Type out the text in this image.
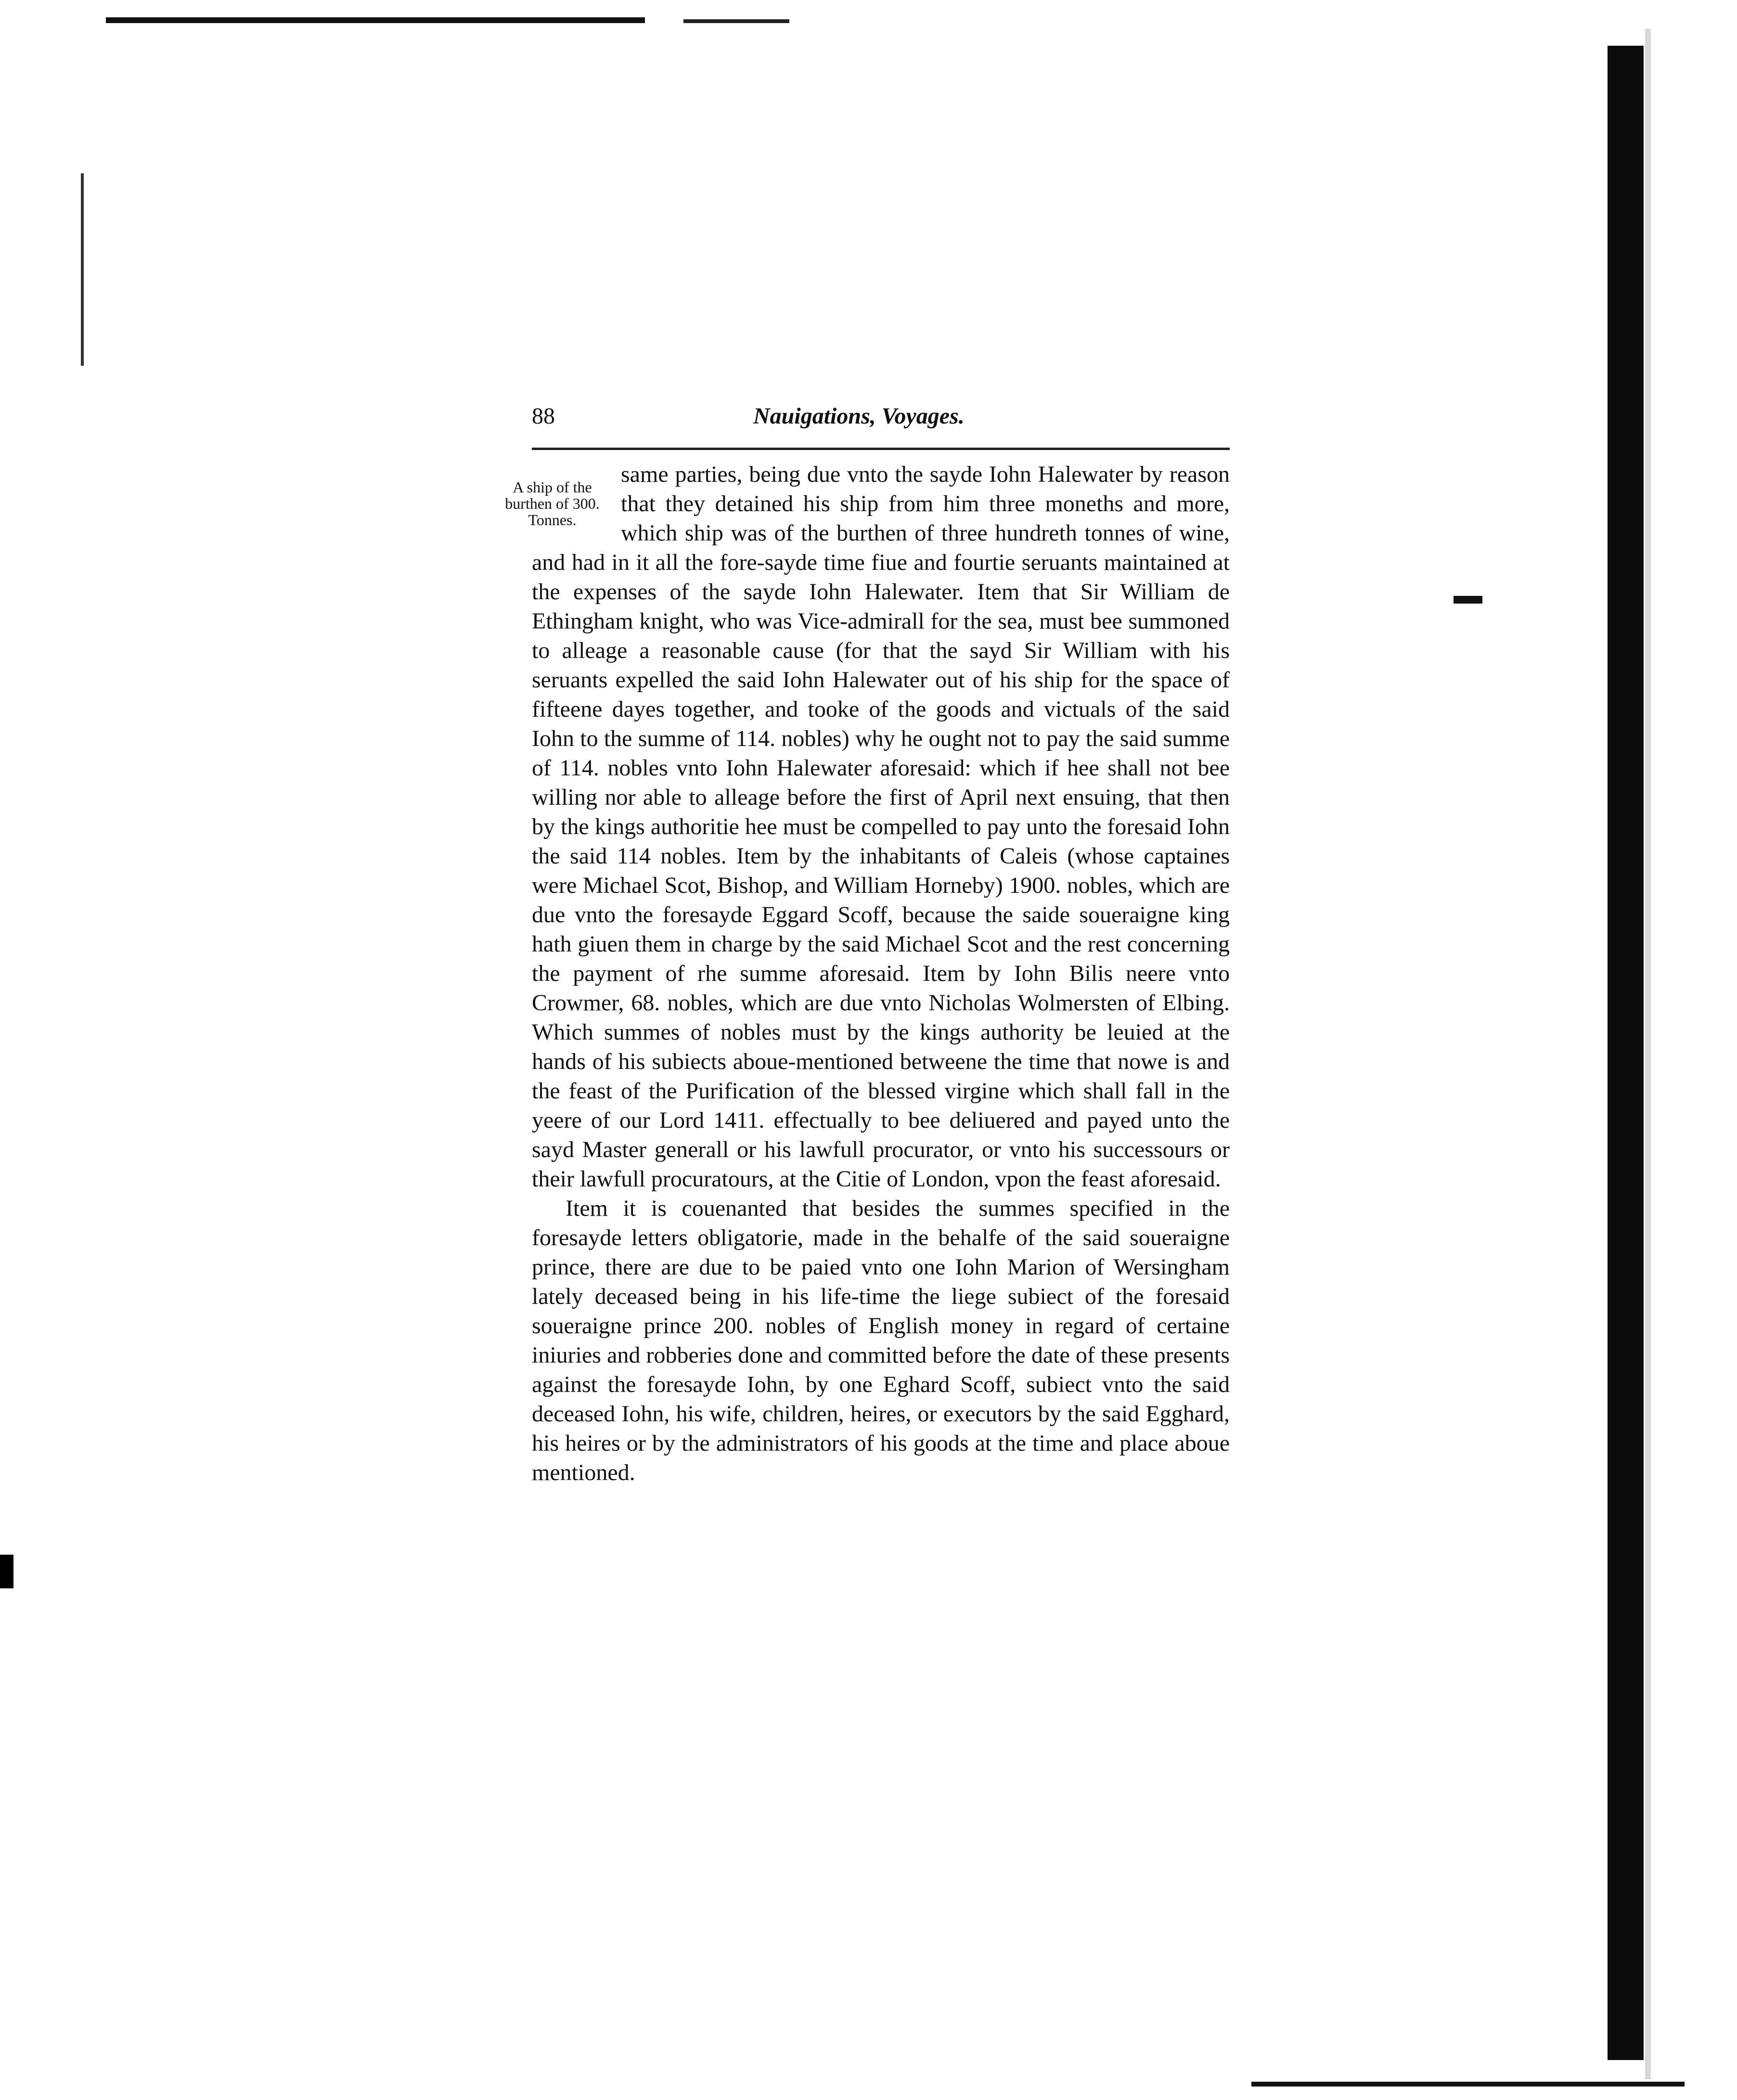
88	Nauigations, Voyages.

A ship of the burthen of 300. Tonnes.
same parties, being due vnto the sayde Iohn Halewater by reason that they detained his ship from him three moneths and more, which ship was of the burthen of three hundreth tonnes of wine, and had in it all the fore-sayde time fiue and fourtie seruants maintained at the expenses of the sayde Iohn Halewater. Item that Sir William de Ethingham knight, who was Vice-admirall for the sea, must bee summoned to alleage a reasonable cause (for that the sayd Sir William with his seruants expelled the said Iohn Halewater out of his ship for the space of fifteene dayes together, and tooke of the goods and victuals of the said Iohn to the summe of 114. nobles) why he ought not to pay the said summe of 114. nobles vnto Iohn Halewater aforesaid: which if hee shall not bee willing nor able to alleage before the first of April next ensuing, that then by the kings authoritie hee must be compelled to pay unto the foresaid Iohn the said 114 nobles. Item by the inhabitants of Caleis (whose captaines were Michael Scot, Bishop, and William Horneby) 1900. nobles, which are due vnto the foresayde Eggard Scoff, because the saide soueraigne king hath giuen them in charge by the said Michael Scot and the rest concerning the payment of rhe summe aforesaid. Item by Iohn Bilis neere vnto Crowmer, 68. nobles, which are due vnto Nicholas Wolmersten of Elbing. Which summes of nobles must by the kings authority be leuied at the hands of his subiects aboue-mentioned betweene the time that nowe is and the feast of the Purification of the blessed virgine which shall fall in the yeere of our Lord 1411. effectually to bee deliuered and payed unto the sayd Master generall or his lawfull procurator, or vnto his successours or their lawfull procuratours, at the Citie of London, vpon the feast aforesaid.

Item it is couenanted that besides the summes specified in the foresayde letters obligatorie, made in the behalfe of the said soueraigne prince, there are due to be paied vnto one Iohn Marion of Wersingham lately deceased being in his life-time the liege subiect of the foresaid soueraigne prince 200. nobles of English money in regard of certaine iniuries and robberies done and committed before the date of these presents against the foresayde Iohn, by one Eghard Scoff, subiect vnto the said deceased Iohn, his wife, children, heires, or executors by the said Egghard, his heires or by the administrators of his goods at the time and place aboue mentioned.
